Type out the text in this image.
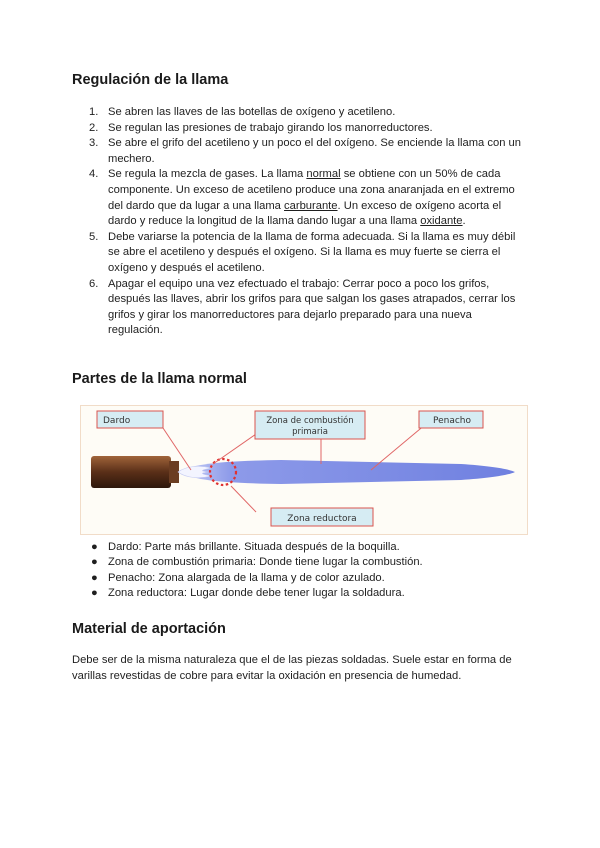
Regulación de la llama
1. Se abren las llaves de las botellas de oxígeno y acetileno.
2. Se regulan las presiones de trabajo girando los manorreductores.
3. Se abre el grifo del acetileno y un poco el del oxígeno. Se enciende la llama con un mechero.
4. Se regula la mezcla de gases. La llama normal se obtiene con un 50% de cada componente. Un exceso de acetileno produce una zona anaranjada en el extremo del dardo que da lugar a una llama carburante. Un exceso de oxígeno acorta el dardo y reduce la longitud de la llama dando lugar a una llama oxidante.
5. Debe variarse la potencia de la llama de forma adecuada. Si la llama es muy débil se abre el acetileno y después el oxígeno. Si la llama es muy fuerte se cierra el oxígeno y después el acetileno.
6. Apagar el equipo una vez efectuado el trabajo: Cerrar poco a poco los grifos, después las llaves, abrir los grifos para que salgan los gases atrapados, cerrar los grifos y girar los manorreductores para dejarlo preparado para una nueva regulación.
Partes de la llama normal
Dardo	Zona de combustión
primaria
Penacho
Zona reductora
● Dardo: Parte más brillante. Situada después de la boquilla.
● Zona de combustión primaria: Donde tiene lugar la combustión.
● Penacho: Zona alargada de la llama y de color azulado.
● Zona reductora: Lugar donde debe tener lugar la soldadura.
Material de aportación

Debe ser de la misma naturaleza que el de las piezas soldadas. Suele estar en forma de varillas revestidas de cobre para evitar la oxidación en presencia de humedad.
